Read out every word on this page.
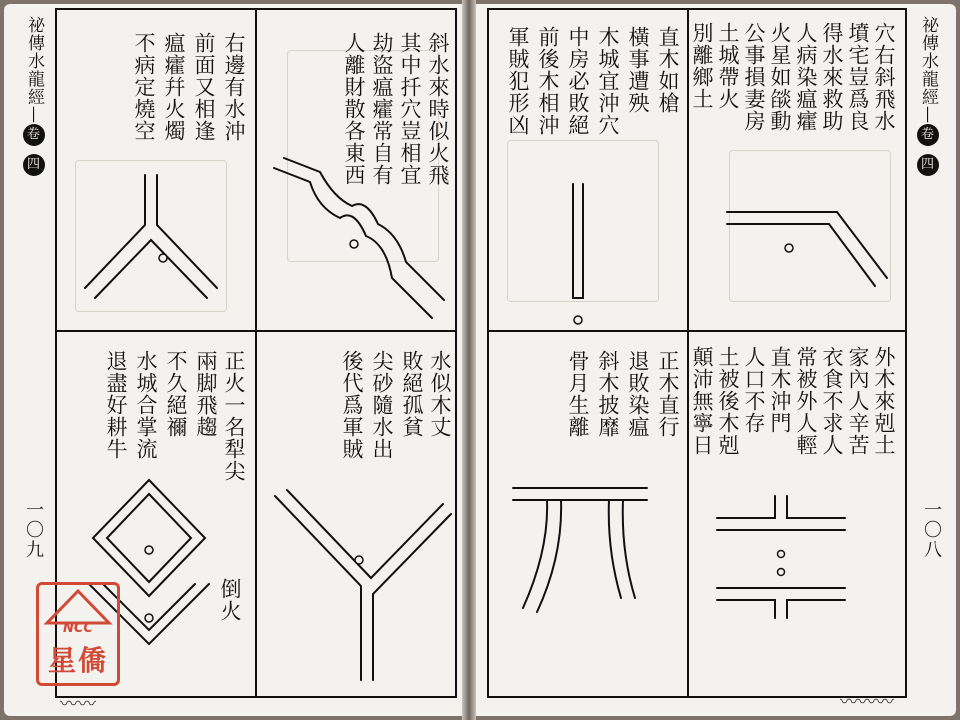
斜水來時似火飛
其中扦穴豈相宜
劫盜瘟癨常自有
人離財散各東西
右邊有水沖
前面又相逢
瘟癨幷火燭
不病定燒空
水似木丈
敗絕孤貧
尖砂隨水出
後代爲軍賊
正火一名犁尖
兩脚飛趨
不久絕禰
水城合掌流
退盡好耕牛
倒火
穴右斜飛水
墳宅豈爲良
得水來救助
人病染瘟癨
火星如燄動
公事損妻房
土城帶火
別離鄉土
直木如槍
橫事遭殃
木城宜沖穴
中房必敗絕
前後木相沖
軍賊犯形凶
外木來剋土
家內人辛苦
衣食不求人
常被外人輕
直木沖門
人口不存
土被後木剋
顛沛無寧日
正木直行
退敗染瘟
斜木披靡
骨月生離
祕傳水龍經—卷四
祕傳水龍經—卷四
一〇九	一〇八
〰〰	〰〰〰
NCC
星僑
